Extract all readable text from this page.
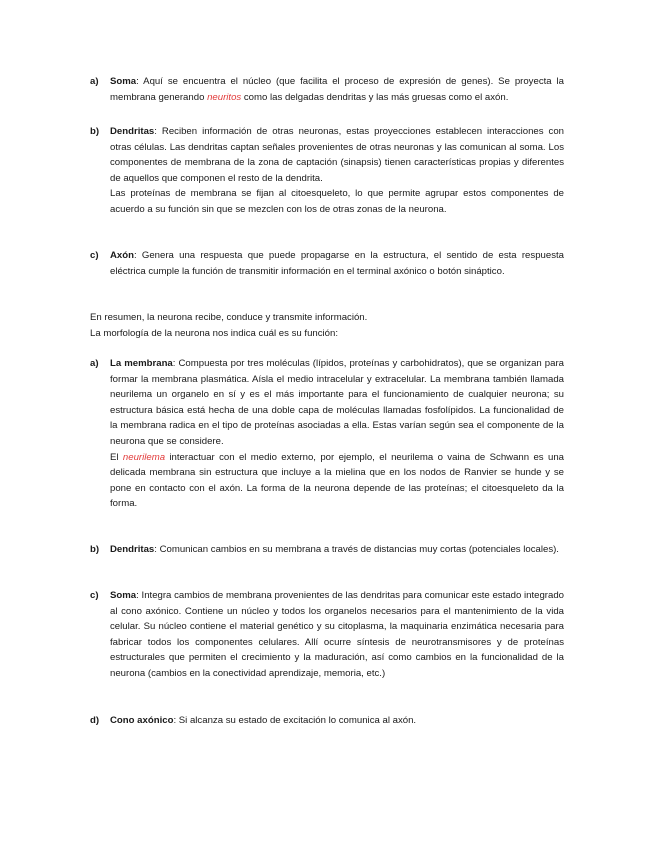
a) Soma: Aquí se encuentra el núcleo (que facilita el proceso de expresión de genes). Se proyecta la membrana generando neuritos como las delgadas dendritas y las más gruesas como el axón.

b) Dendritas: Reciben información de otras neuronas, estas proyecciones establecen interacciones con otras células. Las dendritas captan señales provenientes de otras neuronas y las comunican al soma. Los componentes de membrana de la zona de captación (sinapsis) tienen características propias y diferentes de aquellos que componen el resto de la dendrita.

Las proteínas de membrana se fijan al citoesqueleto, lo que permite agrupar estos componentes de acuerdo a su función sin que se mezclen con los de otras zonas de la neurona.

c) Axón: Genera una respuesta que puede propagarse en la estructura, el sentido de esta respuesta eléctrica cumple la función de transmitir información en el terminal axónico o botón sináptico.

En resumen, la neurona recibe, conduce y transmite información.

La morfología de la neurona nos indica cuál es su función:

a) La membrana: Compuesta por tres moléculas (lípidos, proteínas y carbohidratos), que se organizan para formar la membrana plasmática. Aísla el medio intracelular y extracelular. La membrana también llamada neurilema un organelo en sí y es el más importante para el funcionamiento de cualquier neurona; su estructura básica está hecha de una doble capa de moléculas llamadas fosfolípidos. La funcionalidad de la membrana radica en el tipo de proteínas asociadas a ella. Estas varían según sea el componente de la neurona que se considere.

El neurilema interactuar con el medio externo, por ejemplo, el neurilema o vaina de Schwann es una delicada membrana sin estructura que incluye a la mielina que en los nodos de Ranvier se hunde y se pone en contacto con el axón. La forma de la neurona depende de las proteínas; el citoesqueleto da la forma.

b) Dendritas: Comunican cambios en su membrana a través de distancias muy cortas (potenciales locales).

c) Soma: Integra cambios de membrana provenientes de las dendritas para comunicar este estado integrado al cono axónico. Contiene un núcleo y todos los organelos necesarios para el mantenimiento de la vida celular. Su núcleo contiene el material genético y su citoplasma, la maquinaria enzimática necesaria para fabricar todos los componentes celulares. Allí ocurre síntesis de neurotransmisores y de proteínas estructurales que permiten el crecimiento y la maduración, así como cambios en la funcionalidad de la neurona (cambios en la conectividad aprendizaje, memoria, etc.)

d) Cono axónico: Si alcanza su estado de excitación lo comunica al axón.
